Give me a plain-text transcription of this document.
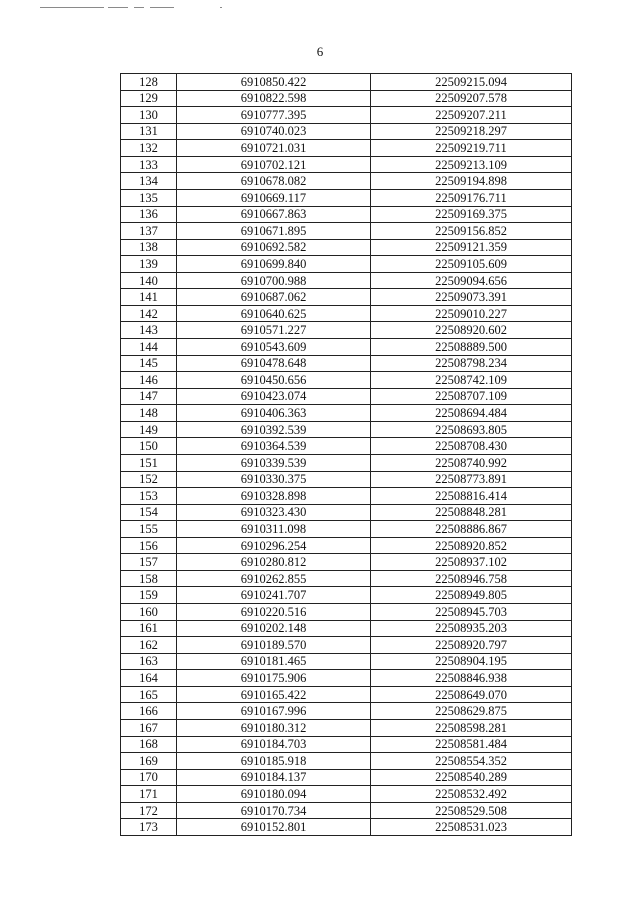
6
128	6910850.422	22509215.094
129	6910822.598	22509207.578
130	6910777.395	22509207.211
131	6910740.023	22509218.297
132	6910721.031	22509219.711
133	6910702.121	22509213.109
134	6910678.082	22509194.898
135	6910669.117	22509176.711
136	6910667.863	22509169.375
137	6910671.895	22509156.852
138	6910692.582	22509121.359
139	6910699.840	22509105.609
140	6910700.988	22509094.656
141	6910687.062	22509073.391
142	6910640.625	22509010.227
143	6910571.227	22508920.602
144	6910543.609	22508889.500
145	6910478.648	22508798.234
146	6910450.656	22508742.109
147	6910423.074	22508707.109
148	6910406.363	22508694.484
149	6910392.539	22508693.805
150	6910364.539	22508708.430
151	6910339.539	22508740.992
152	6910330.375	22508773.891
153	6910328.898	22508816.414
154	6910323.430	22508848.281
155	6910311.098	22508886.867
156	6910296.254	22508920.852
157	6910280.812	22508937.102
158	6910262.855	22508946.758
159	6910241.707	22508949.805
160	6910220.516	22508945.703
161	6910202.148	22508935.203
162	6910189.570	22508920.797
163	6910181.465	22508904.195
164	6910175.906	22508846.938
165	6910165.422	22508649.070
166	6910167.996	22508629.875
167	6910180.312	22508598.281
168	6910184.703	22508581.484
169	6910185.918	22508554.352
170	6910184.137	22508540.289
171	6910180.094	22508532.492
172	6910170.734	22508529.508
173	6910152.801	22508531.023
